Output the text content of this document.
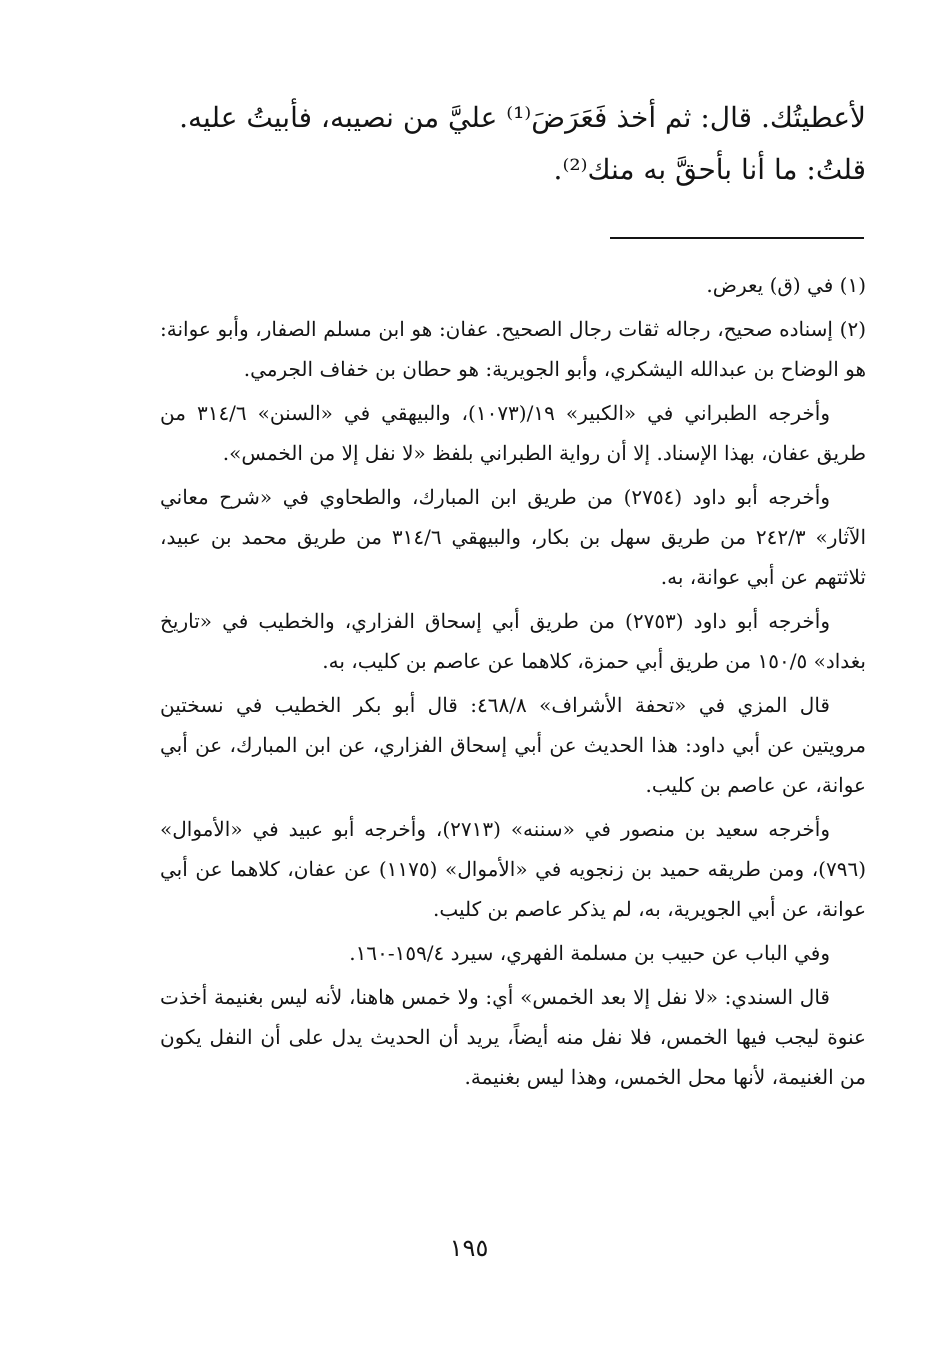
لأعطيتُك. قال: ثم أخذ فَعَرَضَ⁽¹⁾ عليَّ من نصيبه، فأبيتُ عليه.

قلتُ: ما أنا بأحقَّ به منك⁽²⁾.

(١) في (ق) يعرض.

(٢) إسناده صحيح، رجاله ثقات رجال الصحيح. عفان: هو ابن مسلم الصفار، وأبو عوانة: هو الوضاح بن عبدالله اليشكري، وأبو الجويرية: هو حطان بن خفاف الجرمي.

وأخرجه الطبراني في «الكبير» ١٩/(١٠٧٣)، والبيهقي في «السنن» ٣١٤/٦ من طريق عفان، بهذا الإسناد. إلا أن رواية الطبراني بلفظ «لا نفل إلا من الخمس».

وأخرجه أبو داود (٢٧٥٤) من طريق ابن المبارك، والطحاوي في «شرح معاني الآثار» ٢٤٢/٣ من طريق سهل بن بكار، والبيهقي ٣١٤/٦ من طريق محمد بن عبيد، ثلاثتهم عن أبي عوانة، به.

وأخرجه أبو داود (٢٧٥٣) من طريق أبي إسحاق الفزاري، والخطيب في «تاريخ بغداد» ١٥٠/٥ من طريق أبي حمزة، كلاهما عن عاصم بن كليب، به.

قال المزي في «تحفة الأشراف» ٤٦٨/٨: قال أبو بكر الخطيب في نسختين مرويتين عن أبي داود: هذا الحديث عن أبي إسحاق الفزاري، عن ابن المبارك، عن أبي عوانة، عن عاصم بن كليب.

وأخرجه سعيد بن منصور في «سننه» (٢٧١٣)، وأخرجه أبو عبيد في «الأموال» (٧٩٦)، ومن طريقه حميد بن زنجويه في «الأموال» (١١٧٥) عن عفان، كلاهما عن أبي عوانة، عن أبي الجويرية، به، لم يذكر عاصم بن كليب.

وفي الباب عن حبيب بن مسلمة الفهري، سيرد ١٥٩/٤-١٦٠.

قال السندي: «لا نفل إلا بعد الخمس» أي: ولا خمس هاهنا، لأنه ليس بغنيمة أخذت عنوة ليجب فيها الخمس، فلا نفل منه أيضاً، يريد أن الحديث يدل على أن النفل يكون من الغنيمة، لأنها محل الخمس، وهذا ليس بغنيمة.

١٩٥
